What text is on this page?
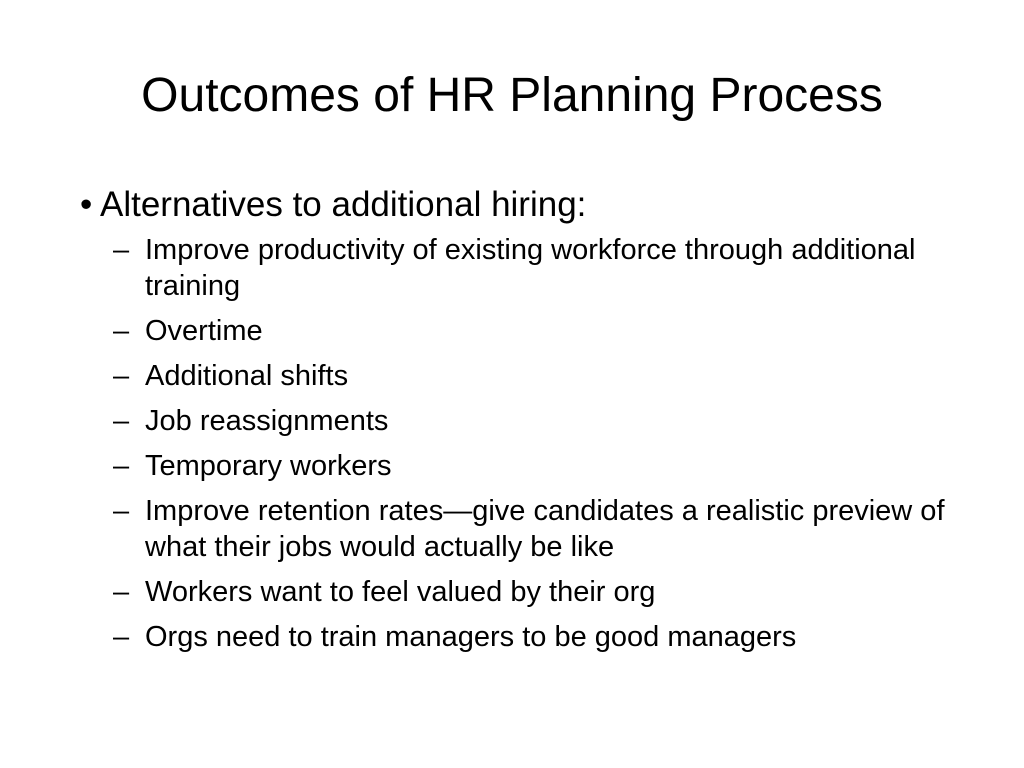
Outcomes of HR Planning Process
• Alternatives to additional hiring:
– Improve productivity of existing workforce through additional training
– Overtime
– Additional shifts
– Job reassignments
– Temporary workers
– Improve retention rates—give candidates a realistic preview of what their jobs would actually be like
– Workers want to feel valued by their org
– Orgs need to train managers to be good managers
